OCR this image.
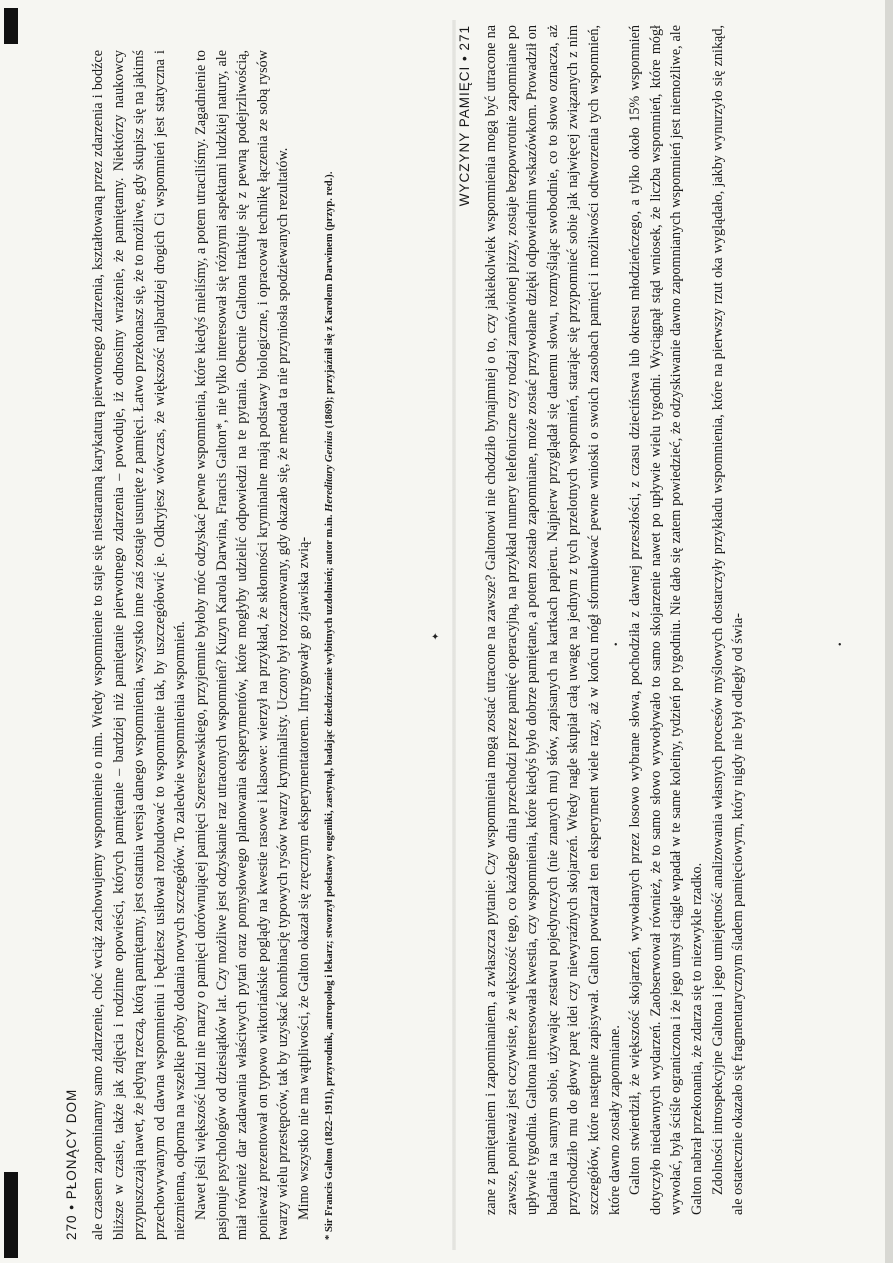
✦
•	•
270 • PŁONĄCY DOM ale czasem zapominamy samo zdarzenie, choć wciąż zachowujemy wspomnienie o nim. Wtedy wspomnienie to staje się niestaranną karykaturą pierwotnego zdarzenia, kształtowaną przez zdarzenia i bodźce bliższe w czasie, także jak zdjęcia i rodzinne opowieści, których pamiętanie – bardziej niż pamiętanie pierwotnego zdarzenia – powoduje, iż odnosimy wrażenie, że pamiętamy. Niektórzy naukowcy przypuszczają nawet, że jedyną rzeczą, którą pamiętamy, jest ostatnia wersja danego wspomnienia, wszystko inne zaś zostaje usunięte z pamięci. Łatwo przekonasz się, że to możliwe, gdy skupisz się na jakimś przechowywanym od dawna wspomnieniu i będziesz usiłował rozbudować to wspomnienie tak, by uszczegółowić je. Odkryjesz wówczas, że większość najbardziej drogich Ci wspomnień jest statyczna i niezmienna, odporna na wszelkie próby dodania nowych szczegółów. To zaledwie wspomnienia wspomnień. Nawet jeśli większość ludzi nie marzy o pamięci dorównującej pamięci Szereszewskiego, przyjemnie byłoby móc odzyskać pewne wspomnienia, które kiedyś mieliśmy, a potem utraciliśmy. Zagadnienie to pasjonuje psychologów od dziesiątków lat. Czy możliwe jest odzyskanie raz utraconych wspomnień? Kuzyn Karola Darwina, Francis Galton*, nie tylko interesował się różnymi aspektami ludzkiej natury, ale miał również dar zadawania właściwych pytań oraz pomysłowego planowania eksperymentów, które mogłyby udzielić odpowiedzi na te pytania. Obecnie Galtona traktuje się z pewną podejrzliwością, ponieważ prezentował on typowo wiktoriańskie poglądy na kwestie rasowe i klasowe: wierzył na przykład, że skłonności kryminalne mają podstawy biologiczne, i opracował technikę łączenia ze sobą rysów twarzy wielu przestępców, tak by uzyskać kombinację typowych rysów twarzy kryminalisty. Uczony był rozczarowany, gdy okazało się, że metoda ta nie przyniosła spodziewanych rezultatów. Mimo wszystko nie ma wątpliwości, że Galton okazał się zręcznym eksperymentatorem. Intrygowały go zjawiska zwią- * Sir Francis Galton (1822–1911), przyrodnik, antropolog i lekarz; stworzył podstawy eugeniki, zastynął, badając dziedziczenie wybitnych uzdolnień; autor m.in. Hereditary Genius (1869); przyjaźnił się z Karolem Darwinem (przyp. red.).
WYCZYNY PAMIĘCI • 271 zane z pamiętaniem i zapominaniem, a zwłaszcza pytanie: Czy wspomnienia mogą zostać utracone na zawsze? Galtonowi nie chodziło bynajmniej o to, czy jakiekolwiek wspomnienia mogą być utracone na zawsze, ponieważ jest oczywiste, że większość tego, co każdego dnia przechodzi przez pamięć operacyjną, na przykład numery telefoniczne czy rodzaj zamówionej pizzy, zostaje bezpowrotnie zapomniane po upływie tygodnia. Galtona interesowała kwestia, czy wspomnienia, które kiedyś było dobrze pamiętane, a potem zostało zapomniane, może zostać przywołane dzięki odpowiednim wskazówkom. Prowadził on badania na samym sobie, używając zestawu pojedynczych (nie znanych mu) słów, zapisanych na kartkach papieru. Najpierw przyglądał się danemu słowu, rozmyślając swobodnie, co to słowo oznacza, aż przychodziło mu do głowy parę idei czy niewyraźnych skojarzeń. Wtedy nagle skupiał całą uwagę na jednym z tych przelotnych wspomnień, starając się przypomnieć sobie jak najwięcej związanych z nim szczegółów, które następnie zapisywał. Galton powtarzał ten eksperyment wiele razy, aż w końcu mógł sformułować pewne wnioski o swoich zasobach pamięci i możliwości odtworzenia tych wspomnień, które dawno zostały zapomniane. Galton stwierdził, że większość skojarzeń, wywołanych przez losowo wybrane słowa, pochodziła z dawnej przeszłości, z czasu dzieciństwa lub okresu młodzieńczego, a tylko około 15% wspomnień dotyczyło niedawnych wydarzeń. Zaobserwował również, że to samo słowo wywoływało to samo skojarzenie nawet po upływie wielu tygodni. Wyciągnął stąd wniosek, że liczba wspomnień, które mógł wywołać, była ściśle ograniczona i że jego umysł ciągle wpadał w te same koleiny, tydzień po tygodniu. Nie dało się zatem powiedzieć, że odzyskiwanie dawno zapomnianych wspomnień jest niemożliwe, ale Galton nabrał przekonania, że zdarza się to niezwykle rzadko. Zdolności introspekcyjne Galtona i jego umiejętność analizowania własnych procesów myślowych dostarczyły przykładu wspomnienia, które na pierwszy rzut oka wyglądało, jakby wynurzyło się znikąd, ale ostatecznie okazało się fragmentarycznym śladem pamięciowym, który nigdy nie był odległy od świa-
